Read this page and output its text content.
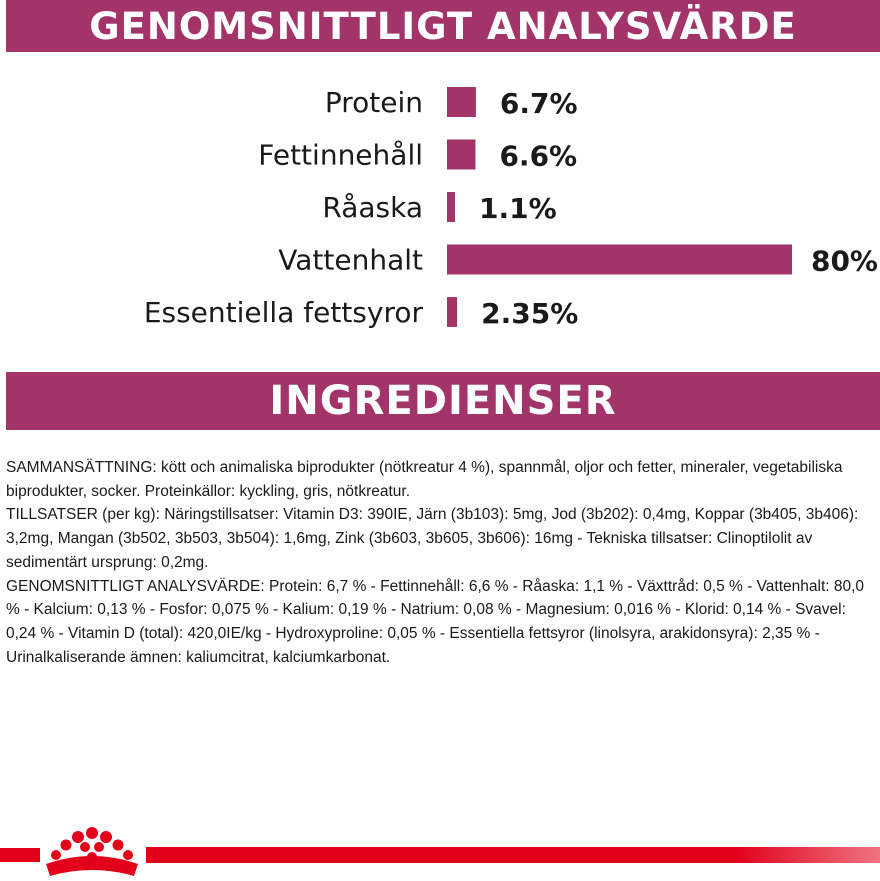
GENOMSNITTLIGT ANALYSVÄRDE
Protein	6.7%
Fettinnehåll	6.6%
Råaska 1.1%
Vattenhalt	80%
Essentiella fettsyror 2.35%
INGREDIENSER

SAMMANSÄTTNING: kött och animaliska biprodukter (nötkreatur 4 %), spannmål, oljor och fetter, mineraler, vegetabiliska biprodukter, socker. Proteinkällor: kyckling, gris, nötkreatur.

TILLSATSER (per kg): Näringstillsatser: Vitamin D3: 390IE, Järn (3b103): 5mg, Jod (3b202): 0,4mg, Koppar (3b405, 3b406): 3,2mg, Mangan (3b502, 3b503, 3b504): 1,6mg, Zink (3b603, 3b605, 3b606): 16mg - Tekniska tillsatser: Clinoptilolit av sedimentärt ursprung: 0,2mg.

GENOMSNITTLIGT ANALYSVÄRDE: Protein: 6,7 % - Fettinnehåll: 6,6 % - Råaska: 1,1 % - Växttråd: 0,5 % - Vattenhalt: 80,0 % - Kalcium: 0,13 % - Fosfor: 0,075 % - Kalium: 0,19 % - Natrium: 0,08 % - Magnesium: 0,016 % - Klorid: 0,14 % - Svavel: 0,24 % - Vitamin D (total): 420,0IE/kg - Hydroxyproline: 0,05 % - Essentiella fettsyror (linolsyra, arakidonsyra): 2,35 % - Urinalkaliserande ämnen: kaliumcitrat, kalciumkarbonat.
